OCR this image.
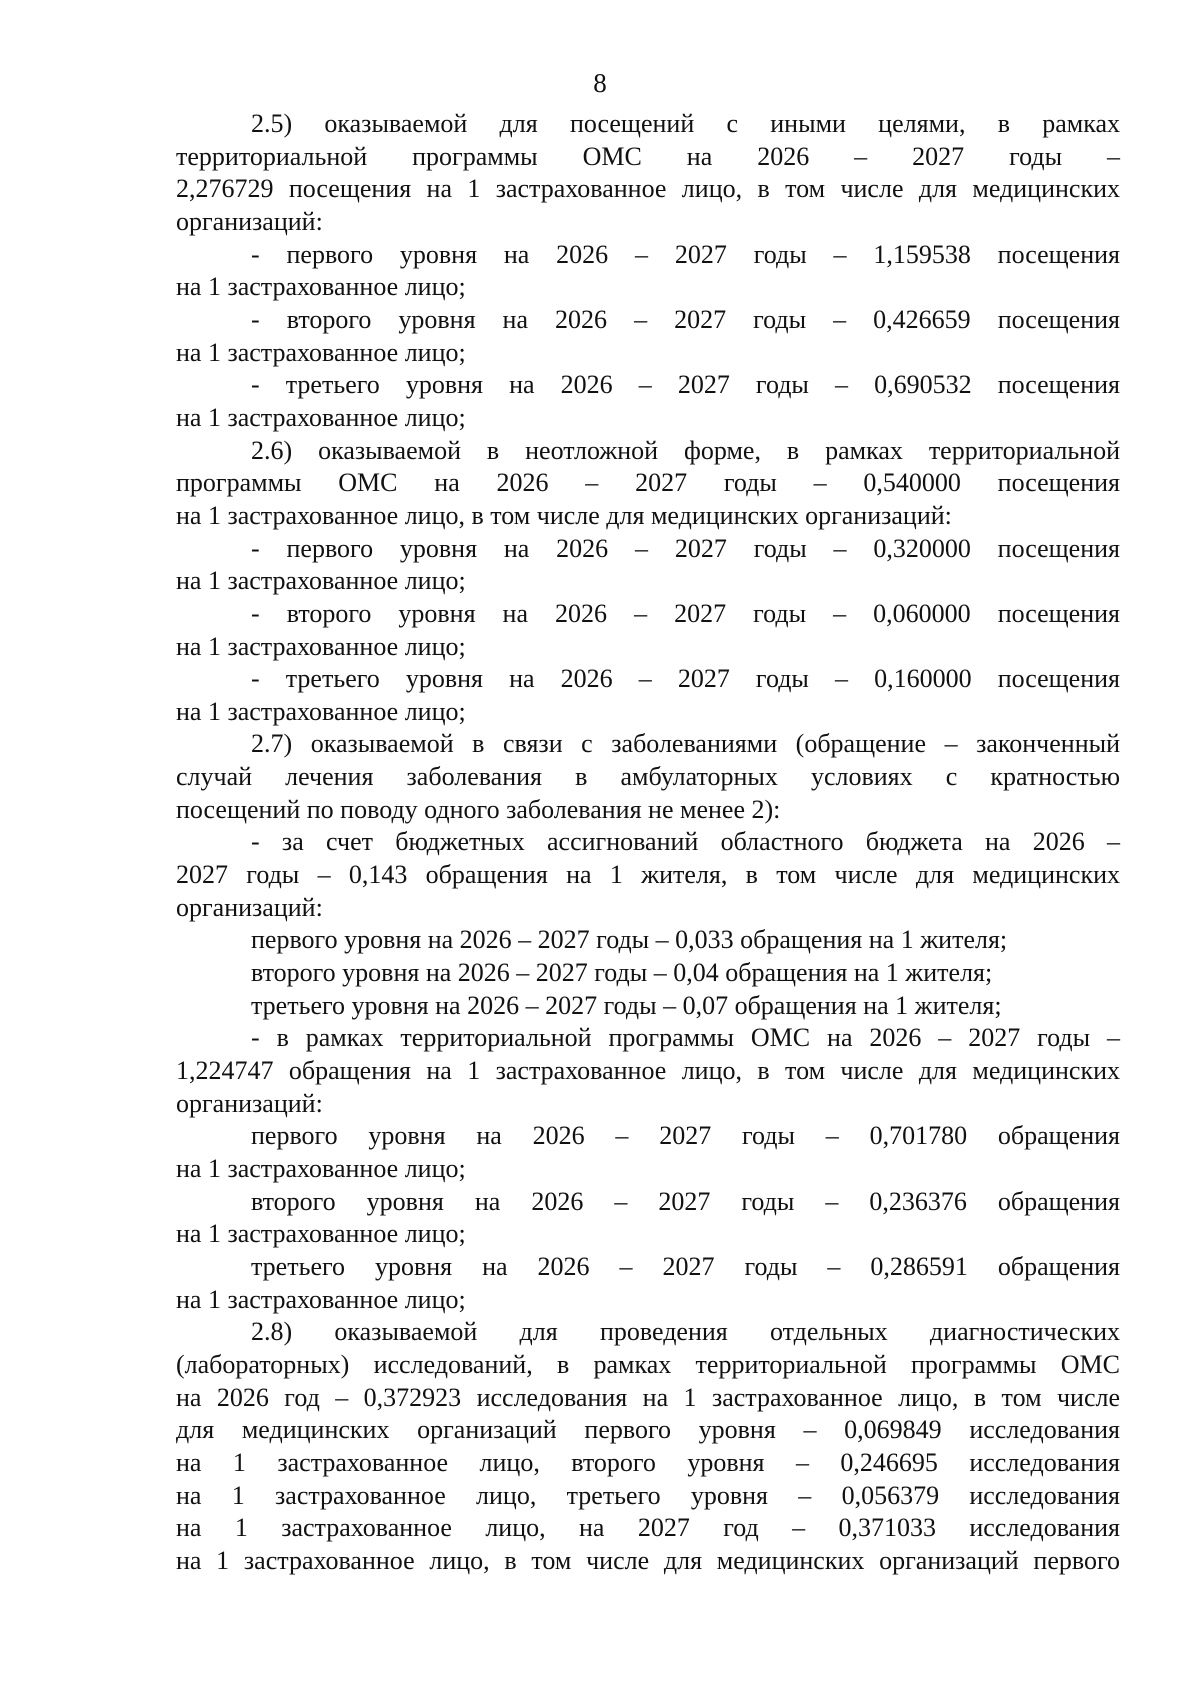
8
2.5) оказываемой для посещений с иными целями, в рамках
территориальной программы ОМС на 2026 – 2027 годы –
2,276729 посещения на 1 застрахованное лицо, в том числе для медицинских
организаций:
- первого уровня на 2026 – 2027 годы – 1,159538 посещения
на 1 застрахованное лицо;
- второго уровня на 2026 – 2027 годы – 0,426659 посещения
на 1 застрахованное лицо;
- третьего уровня на 2026 – 2027 годы – 0,690532 посещения
на 1 застрахованное лицо;
2.6) оказываемой в неотложной форме, в рамках территориальной
программы ОМС на 2026 – 2027 годы – 0,540000 посещения
на 1 застрахованное лицо, в том числе для медицинских организаций:
- первого уровня на 2026 – 2027 годы – 0,320000 посещения
на 1 застрахованное лицо;
- второго уровня на 2026 – 2027 годы – 0,060000 посещения
на 1 застрахованное лицо;
- третьего уровня на 2026 – 2027 годы – 0,160000 посещения
на 1 застрахованное лицо;
2.7) оказываемой в связи с заболеваниями (обращение – законченный
случай лечения заболевания в амбулаторных условиях с кратностью
посещений по поводу одного заболевания не менее 2):
- за счет бюджетных ассигнований областного бюджета на 2026 –
2027 годы – 0,143 обращения на 1 жителя, в том числе для медицинских
организаций:
первого уровня на 2026 – 2027 годы – 0,033 обращения на 1 жителя;
второго уровня на 2026 – 2027 годы – 0,04 обращения на 1 жителя;
третьего уровня на 2026 – 2027 годы – 0,07 обращения на 1 жителя;
- в рамках территориальной программы ОМС на 2026 – 2027 годы –
1,224747 обращения на 1 застрахованное лицо, в том числе для медицинских
организаций:
первого уровня на 2026 – 2027 годы – 0,701780 обращения
на 1 застрахованное лицо;
второго уровня на 2026 – 2027 годы – 0,236376 обращения
на 1 застрахованное лицо;
третьего уровня на 2026 – 2027 годы – 0,286591 обращения
на 1 застрахованное лицо;
2.8) оказываемой для проведения отдельных диагностических
(лабораторных) исследований, в рамках территориальной программы ОМС
на 2026 год – 0,372923 исследования на 1 застрахованное лицо, в том числе
для медицинских организаций первого уровня – 0,069849 исследования
на 1 застрахованное лицо, второго уровня – 0,246695 исследования
на 1 застрахованное лицо, третьего уровня – 0,056379 исследования
на 1 застрахованное лицо, на 2027 год – 0,371033 исследования
на 1 застрахованное лицо, в том числе для медицинских организаций первого
